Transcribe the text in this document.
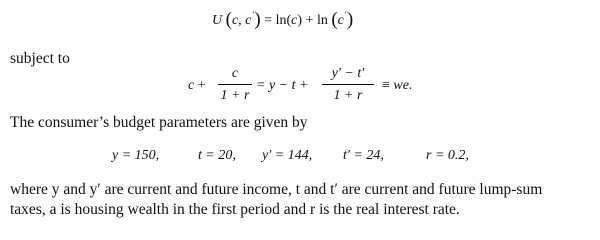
U (c, c′) = ln(c) + ln (c′)
subject to
c +
c
1 + r
= y − t +
y′ − t′
1 + r
≡ we.
The consumer’s budget parameters are given by
y = 150,	t = 20, y′ = 144, t′ = 24,	r = 0.2,
where y and y′ are current and future income, t and t′ are current and future lump-sum
taxes, a is housing wealth in the first period and r is the real interest rate.
